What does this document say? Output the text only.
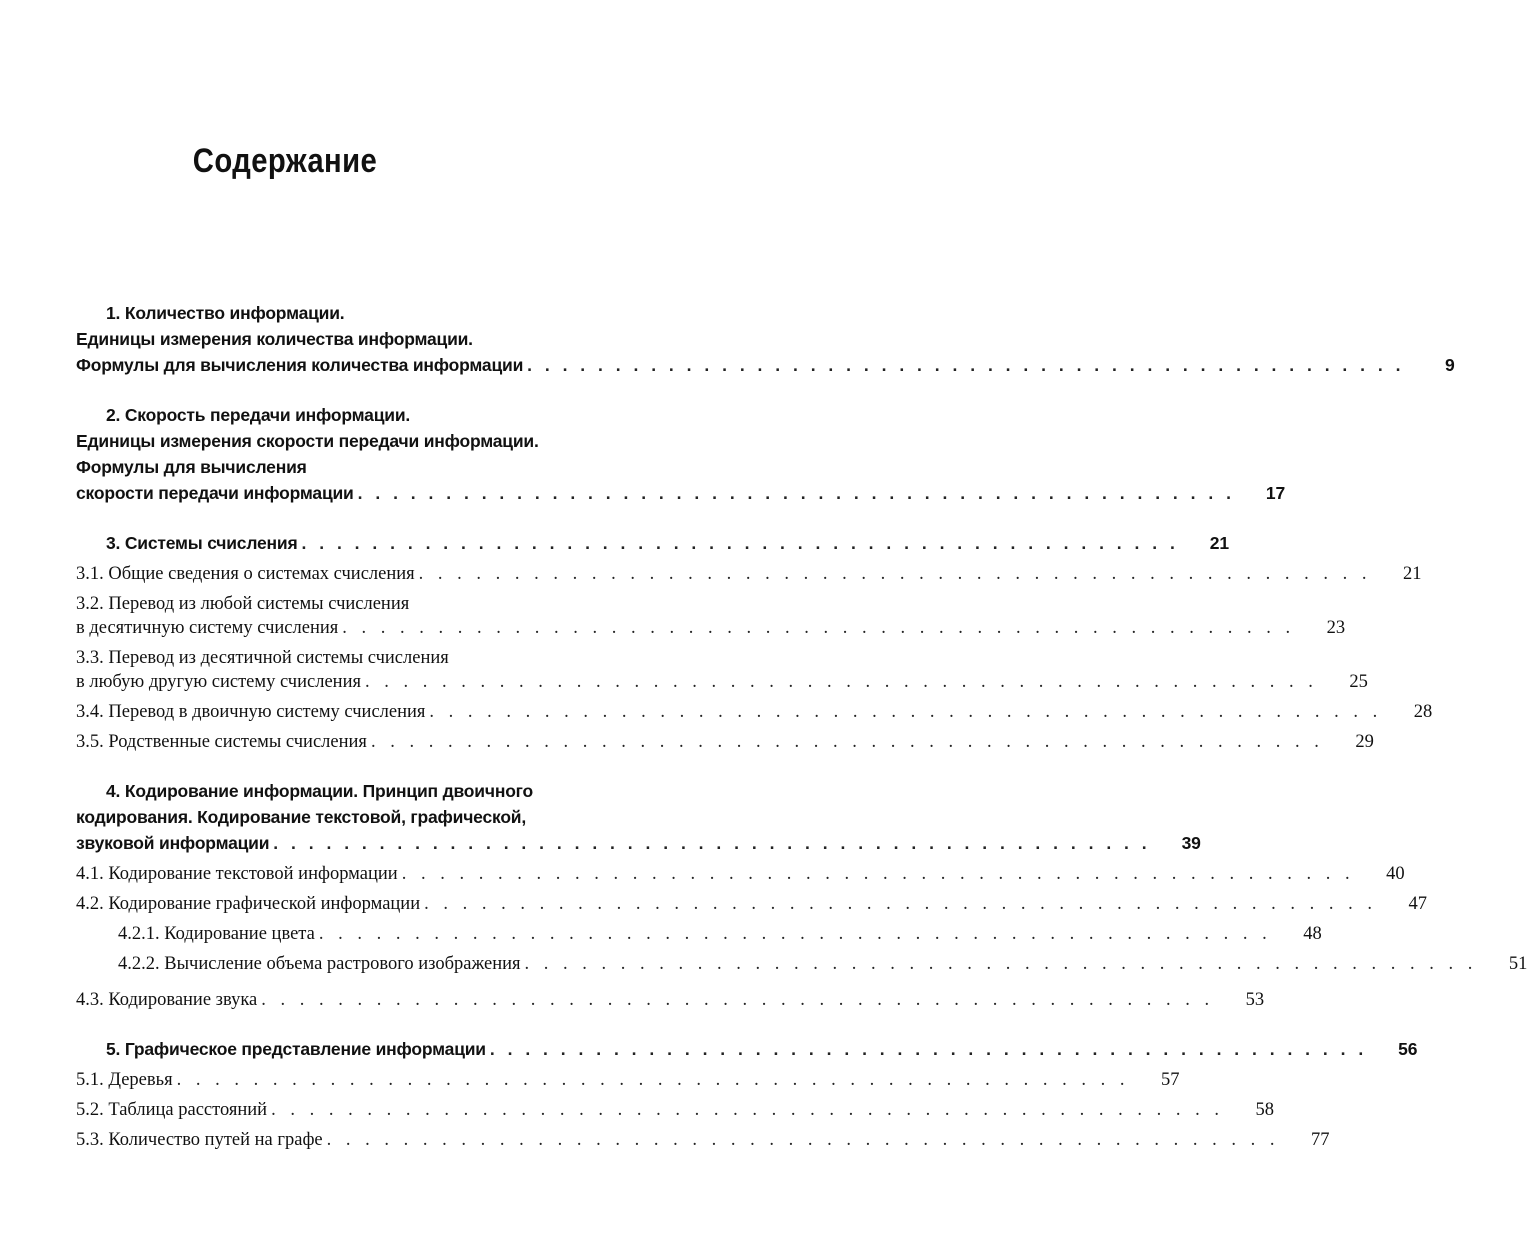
Содержание
1. Количество информации.
Единицы измерения количества информации.
Формулы для вычисления количества информации . . . . . . . . . . . . . . . . . . . . . . . . . . . . . . . . . . . . . . . . . . . . . . . . . .	9
2. Скорость передачи информации.
Единицы измерения скорости передачи информации.
Формулы для вычисления
скорости передачи информации . . . . . . . . . . . . . . . . . . . . . . . . . . . . . . . . . . . . . . . . . . . . . . . . . .	17
3. Системы счисления . . . . . . . . . . . . . . . . . . . . . . . . . . . . . . . . . . . . . . . . . . . . . . . . . .	21
3.1. Общие сведения о системах счисления . . . . . . . . . . . . . . . . . . . . . . . . . . . . . . . . . . . . . . . . . . . . . . . . . .	21
3.2. Перевод из любой системы счисления
в десятичную систему счисления . . . . . . . . . . . . . . . . . . . . . . . . . . . . . . . . . . . . . . . . . . . . . . . . . .	23
3.3. Перевод из десятичной системы счисления
в любую другую систему счисления . . . . . . . . . . . . . . . . . . . . . . . . . . . . . . . . . . . . . . . . . . . . . . . . . .	25
3.4. Перевод в двоичную систему счисления . . . . . . . . . . . . . . . . . . . . . . . . . . . . . . . . . . . . . . . . . . . . . . . . . .	28
3.5. Родственные системы счисления . . . . . . . . . . . . . . . . . . . . . . . . . . . . . . . . . . . . . . . . . . . . . . . . . .	29
4. Кодирование информации. Принцип двоичного
кодирования. Кодирование текстовой, графической,
звуковой информации . . . . . . . . . . . . . . . . . . . . . . . . . . . . . . . . . . . . . . . . . . . . . . . . . .	39
4.1. Кодирование текстовой информации . . . . . . . . . . . . . . . . . . . . . . . . . . . . . . . . . . . . . . . . . . . . . . . . . .	40
4.2. Кодирование графической информации . . . . . . . . . . . . . . . . . . . . . . . . . . . . . . . . . . . . . . . . . . . . . . . . . .	47
4.2.1. Кодирование цвета . . . . . . . . . . . . . . . . . . . . . . . . . . . . . . . . . . . . . . . . . . . . . . . . . .	48
4.2.2. Вычисление объема растрового изображения . . . . . . . . . . . . . . . . . . . . . . . . . . . . . . . . . . . . . . . . . . . . . . . . . .	51
4.3. Кодирование звука . . . . . . . . . . . . . . . . . . . . . . . . . . . . . . . . . . . . . . . . . . . . . . . . . .	53
5. Графическое представление информации . . . . . . . . . . . . . . . . . . . . . . . . . . . . . . . . . . . . . . . . . . . . . . . . . .	56
5.1. Деревья . . . . . . . . . . . . . . . . . . . . . . . . . . . . . . . . . . . . . . . . . . . . . . . . . .	57
5.2. Таблица расстояний . . . . . . . . . . . . . . . . . . . . . . . . . . . . . . . . . . . . . . . . . . . . . . . . . .	58
5.3. Количество путей на графе . . . . . . . . . . . . . . . . . . . . . . . . . . . . . . . . . . . . . . . . . . . . . . . . . .	77
